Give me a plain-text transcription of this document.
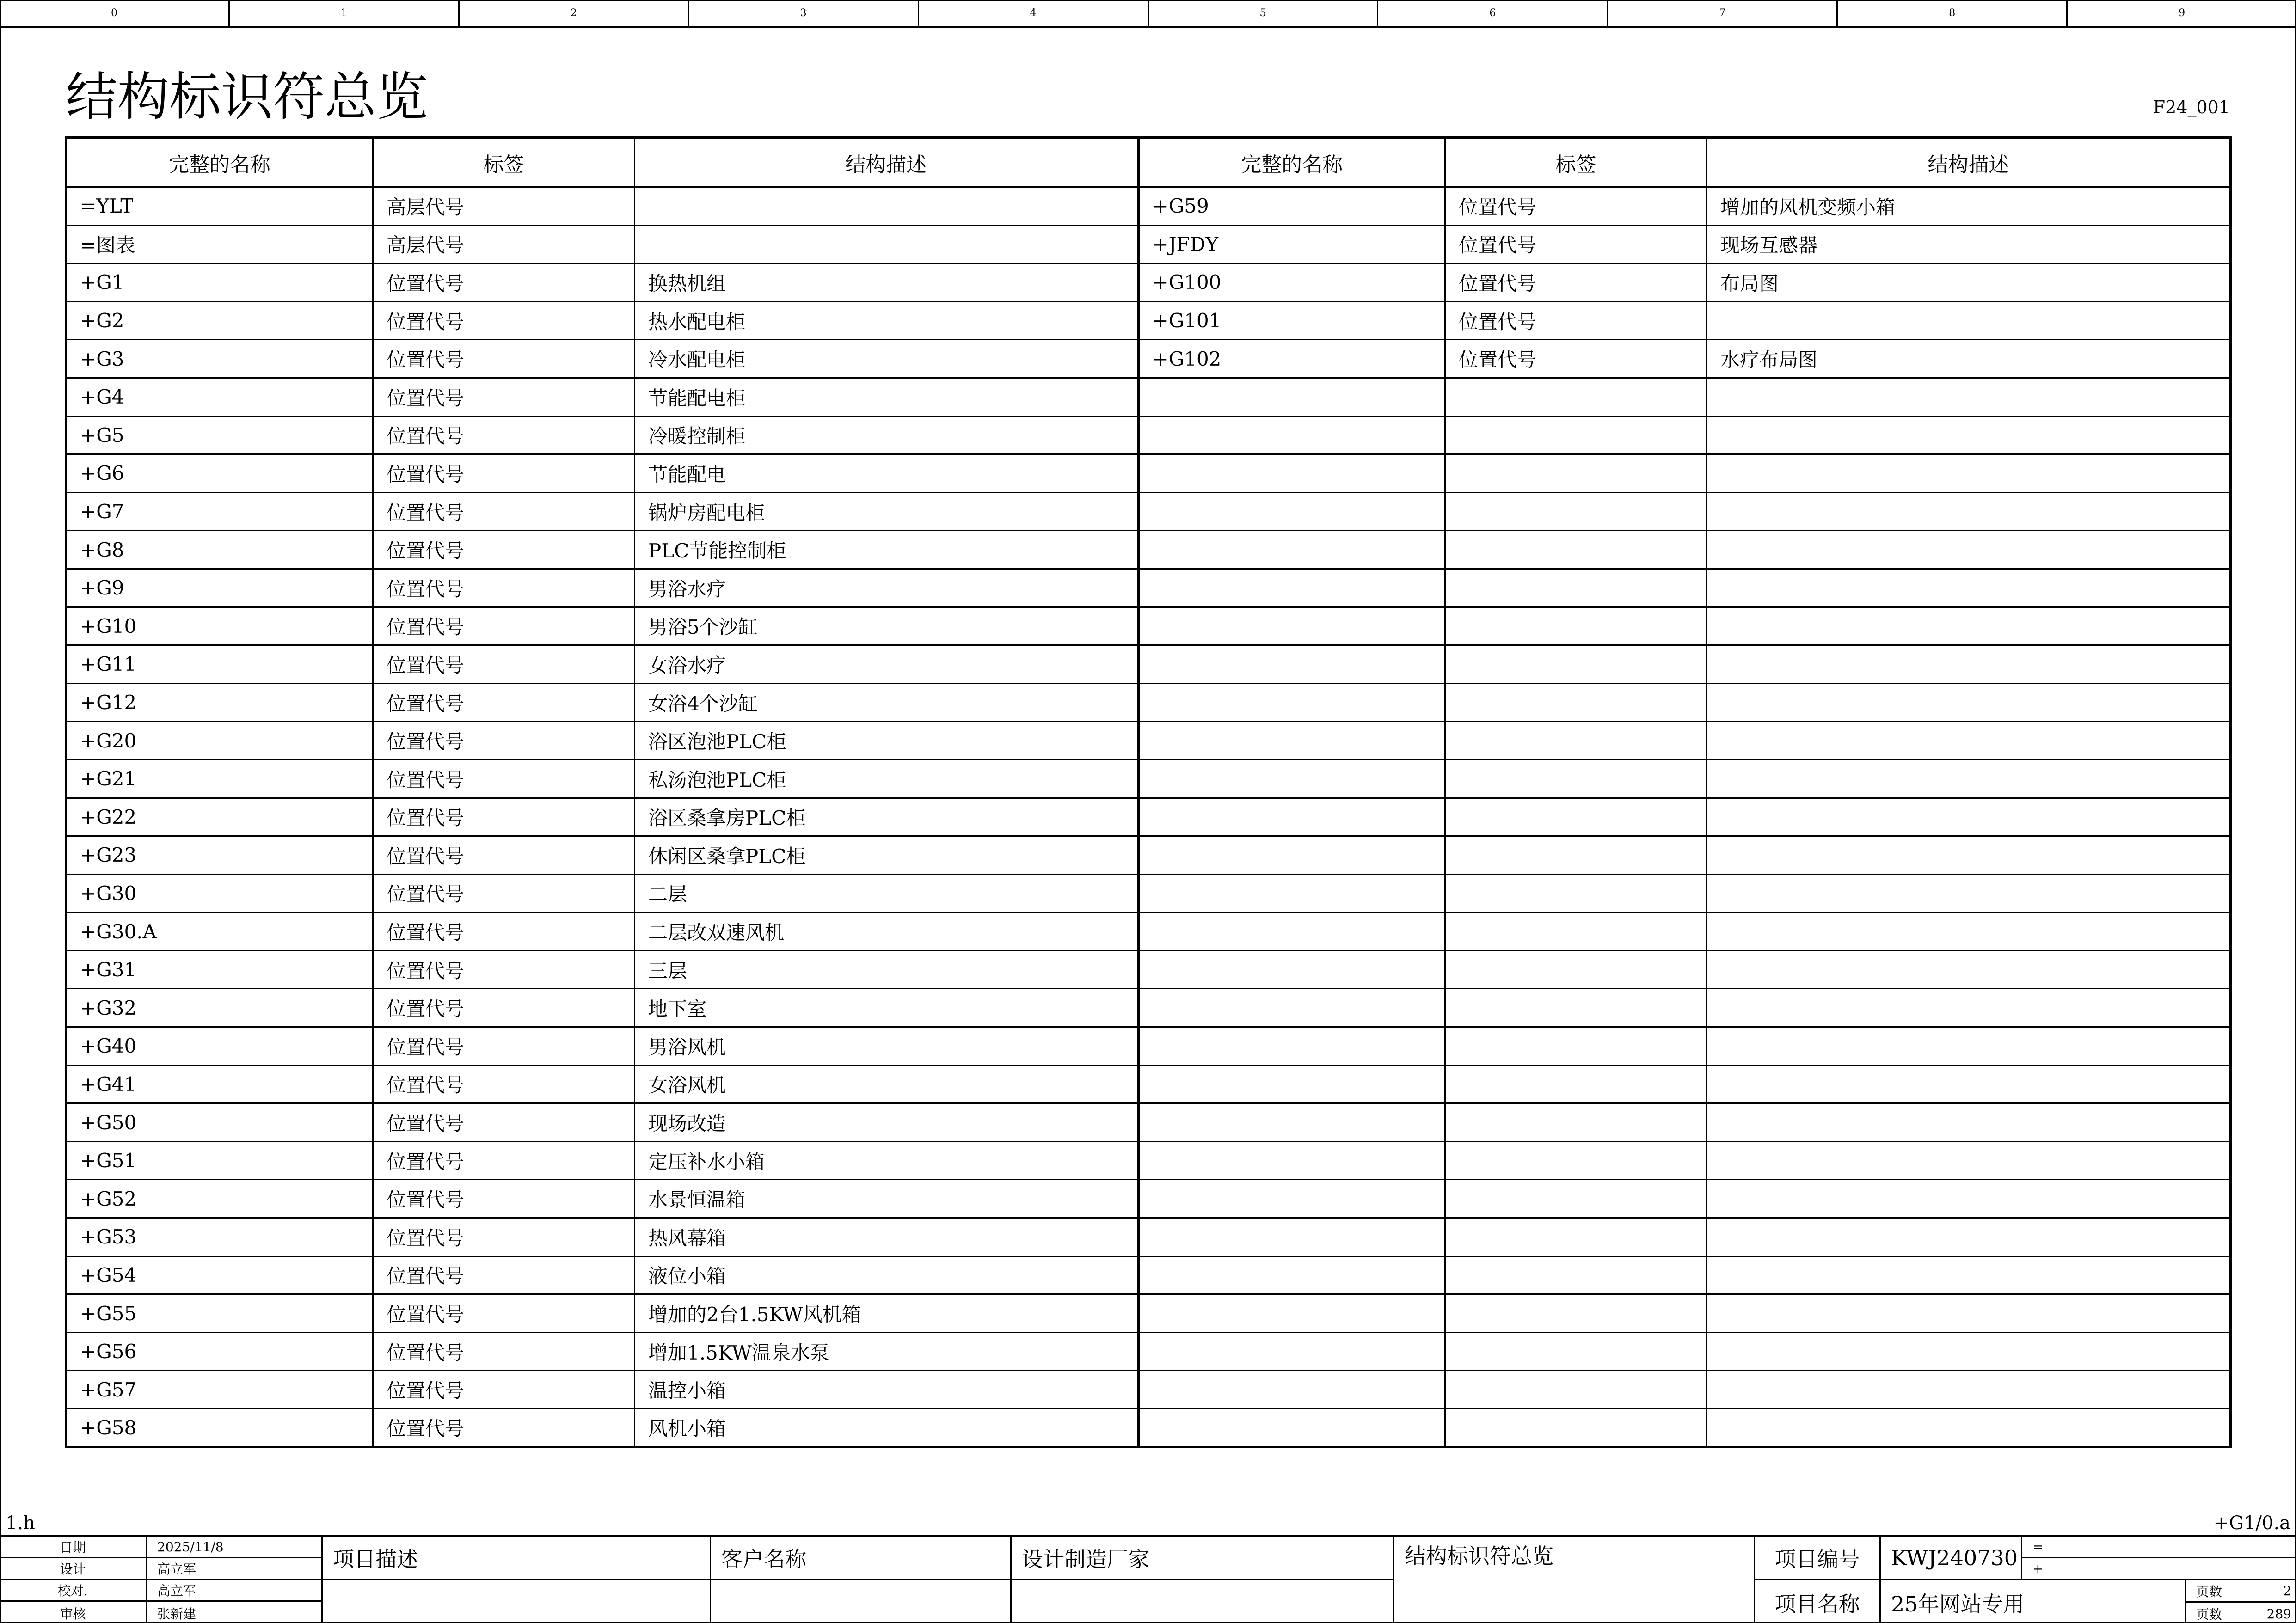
0	1	2	3	4	5	6	7	8	9
结构标识符总览	F24_001
完整的名称	标签	结构描述	完整的名称	标签	结构描述
=YLT	高层代号		+G59	位置代号	增加的风机变频小箱
=图表	高层代号		+JFDY	位置代号	现场互感器
+G1	位置代号	换热机组	+G100	位置代号	布局图
+G2	位置代号	热水配电柜	+G101	位置代号	
+G3	位置代号	冷水配电柜	+G102	位置代号	水疗布局图
+G4	位置代号	节能配电柜			
+G5	位置代号	冷暖控制柜			
+G6	位置代号	节能配电			
+G7	位置代号	锅炉房配电柜			
+G8	位置代号	PLC节能控制柜			
+G9	位置代号	男浴水疗			
+G10	位置代号	男浴5个沙缸			
+G11	位置代号	女浴水疗			
+G12	位置代号	女浴4个沙缸			
+G20	位置代号	浴区泡池PLC柜			
+G21	位置代号	私汤泡池PLC柜			
+G22	位置代号	浴区桑拿房PLC柜			
+G23	位置代号	休闲区桑拿PLC柜			
+G30	位置代号	二层			
+G30.A	位置代号	二层改双速风机			
+G31	位置代号	三层			
+G32	位置代号	地下室			
+G40	位置代号	男浴风机			
+G41	位置代号	女浴风机			
+G50	位置代号	现场改造			
+G51	位置代号	定压补水小箱			
+G52	位置代号	水景恒温箱			
+G53	位置代号	热风幕箱			
+G54	位置代号	液位小箱			
+G55	位置代号	增加的2台1.5KW风机箱			
+G56	位置代号	增加1.5KW温泉水泵			
+G57	位置代号	温控小箱			
+G58	位置代号	风机小箱			
1.h	+G1/0.a
日期	2025/11/8
设计	高立军
校对.	高立军
审核	张新建
项目描述	客户名称	设计制造厂家	结构标识符总览	项目编号	KWJ240730
项目名称	25年网站专用
=
+
页数	2
页数	289
